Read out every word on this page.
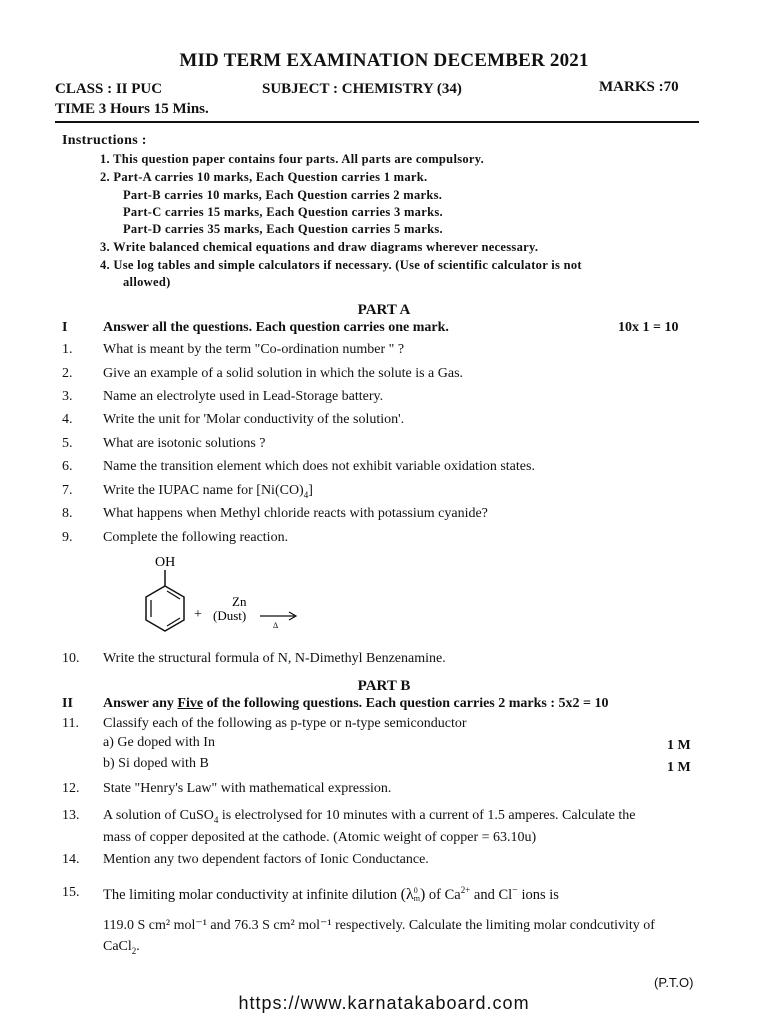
MID TERM EXAMINATION DECEMBER 2021
CLASS : II PUC	SUBJECT : CHEMISTRY (34)	MARKS :70
TIME 3 Hours 15 Mins.
Instructions :
1. This question paper contains four parts. All parts are compulsory.
2. Part-A carries 10 marks, Each Question carries 1 mark.
Part-B carries 10 marks, Each Question carries 2 marks.
Part-C carries 15 marks, Each Question carries 3 marks.
Part-D carries 35 marks, Each Question carries 5 marks.
3. Write balanced chemical equations and draw diagrams wherever necessary.
4. Use log tables and simple calculators if necessary. (Use of scientific calculator is not
allowed)
PART A
I	Answer all the questions. Each question carries one mark.	10x 1 = 10
1. What is meant by the term "Co-ordination number " ?
2. Give an example of a solid solution in which the solute is a Gas.
3. Name an electrolyte used in Lead-Storage battery.
4. Write the unit for 'Molar conductivity of the solution'.
5. What are isotonic solutions ?
6. Name the transition element which does not exhibit variable oxidation states.
7. Write the IUPAC name for $[Ni(CO)_4]$
8. What happens when Methyl chloride reacts with potassium cyanide?
9. Complete the following reaction.
OH
+
Zn
(Dust)
Δ
10. Write the structural formula of N, N-Dimethyl Benzenamine.
PART B
II Answer any Five of the following questions. Each question carries 2 marks : 5x2 = 10
11. Classify each of the following as p-type or n-type semiconductor
a) Ge doped with In	1 M
b) Si doped with B	1 M
12. State "Henry's Law" with mathematical expression.
13. A solution of CuSO$_4$ is electrolysed for 10 minutes with a current of 1.5 amperes. Calculate the
mass of copper deposited at the cathode. (Atomic weight of copper = 63.10u)
14. Mention any two dependent factors of Ionic Conductance.
15. The limiting molar conductivity at infinite dilution (λ 0
m ) of $Ca^{2+}$ and Cl− ions is
119.0 S cm² mol⁻¹ and 76.3 S cm² mol⁻¹ respectively. Calculate the limiting molar condcutivity of
CaCl$_2$.
(P.T.O)
https://www.karnatakaboard.com
